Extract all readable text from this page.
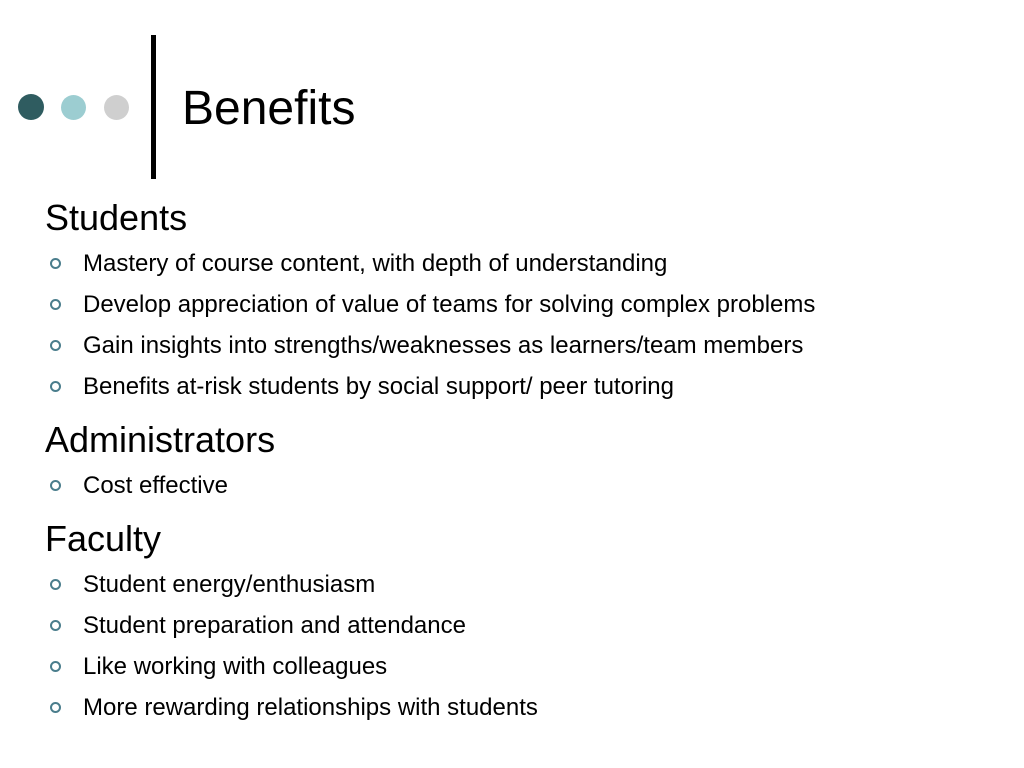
Benefits
Students
Mastery of course content, with depth of understanding
Develop appreciation of value of teams for solving complex problems
Gain insights into strengths/weaknesses as learners/team members
Benefits at-risk students by social support/ peer tutoring
Administrators
Cost effective
Faculty
Student energy/enthusiasm
Student preparation and attendance
Like working with colleagues
More rewarding relationships with students
